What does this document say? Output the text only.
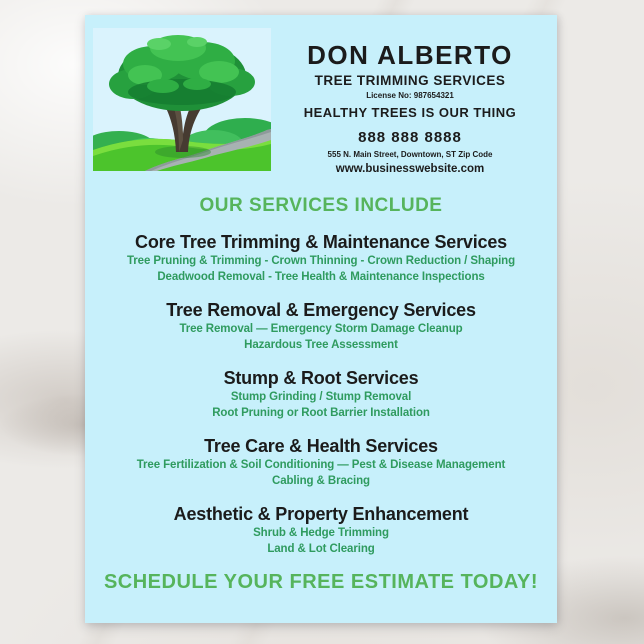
DON ALBERTO
TREE TRIMMING SERVICES
License No: 987654321
HEALTHY TREES IS OUR THING
888 888 8888
555 N. Main Street, Downtown, ST Zip Code
www.businesswebsite.com
OUR SERVICES INCLUDE
Core Tree Trimming & Maintenance Services
Tree Pruning & Trimming - Crown Thinning - Crown Reduction / Shaping
Deadwood Removal - Tree Health & Maintenance Inspections
Tree Removal & Emergency Services
Tree Removal — Emergency Storm Damage Cleanup
Hazardous Tree Assessment
Stump & Root Services
Stump Grinding / Stump Removal
Root Pruning or Root Barrier Installation
Tree Care & Health Services
Tree Fertilization & Soil Conditioning — Pest & Disease Management
Cabling & Bracing
Aesthetic & Property Enhancement
Shrub & Hedge Trimming
Land & Lot Clearing
SCHEDULE YOUR FREE ESTIMATE TODAY!
